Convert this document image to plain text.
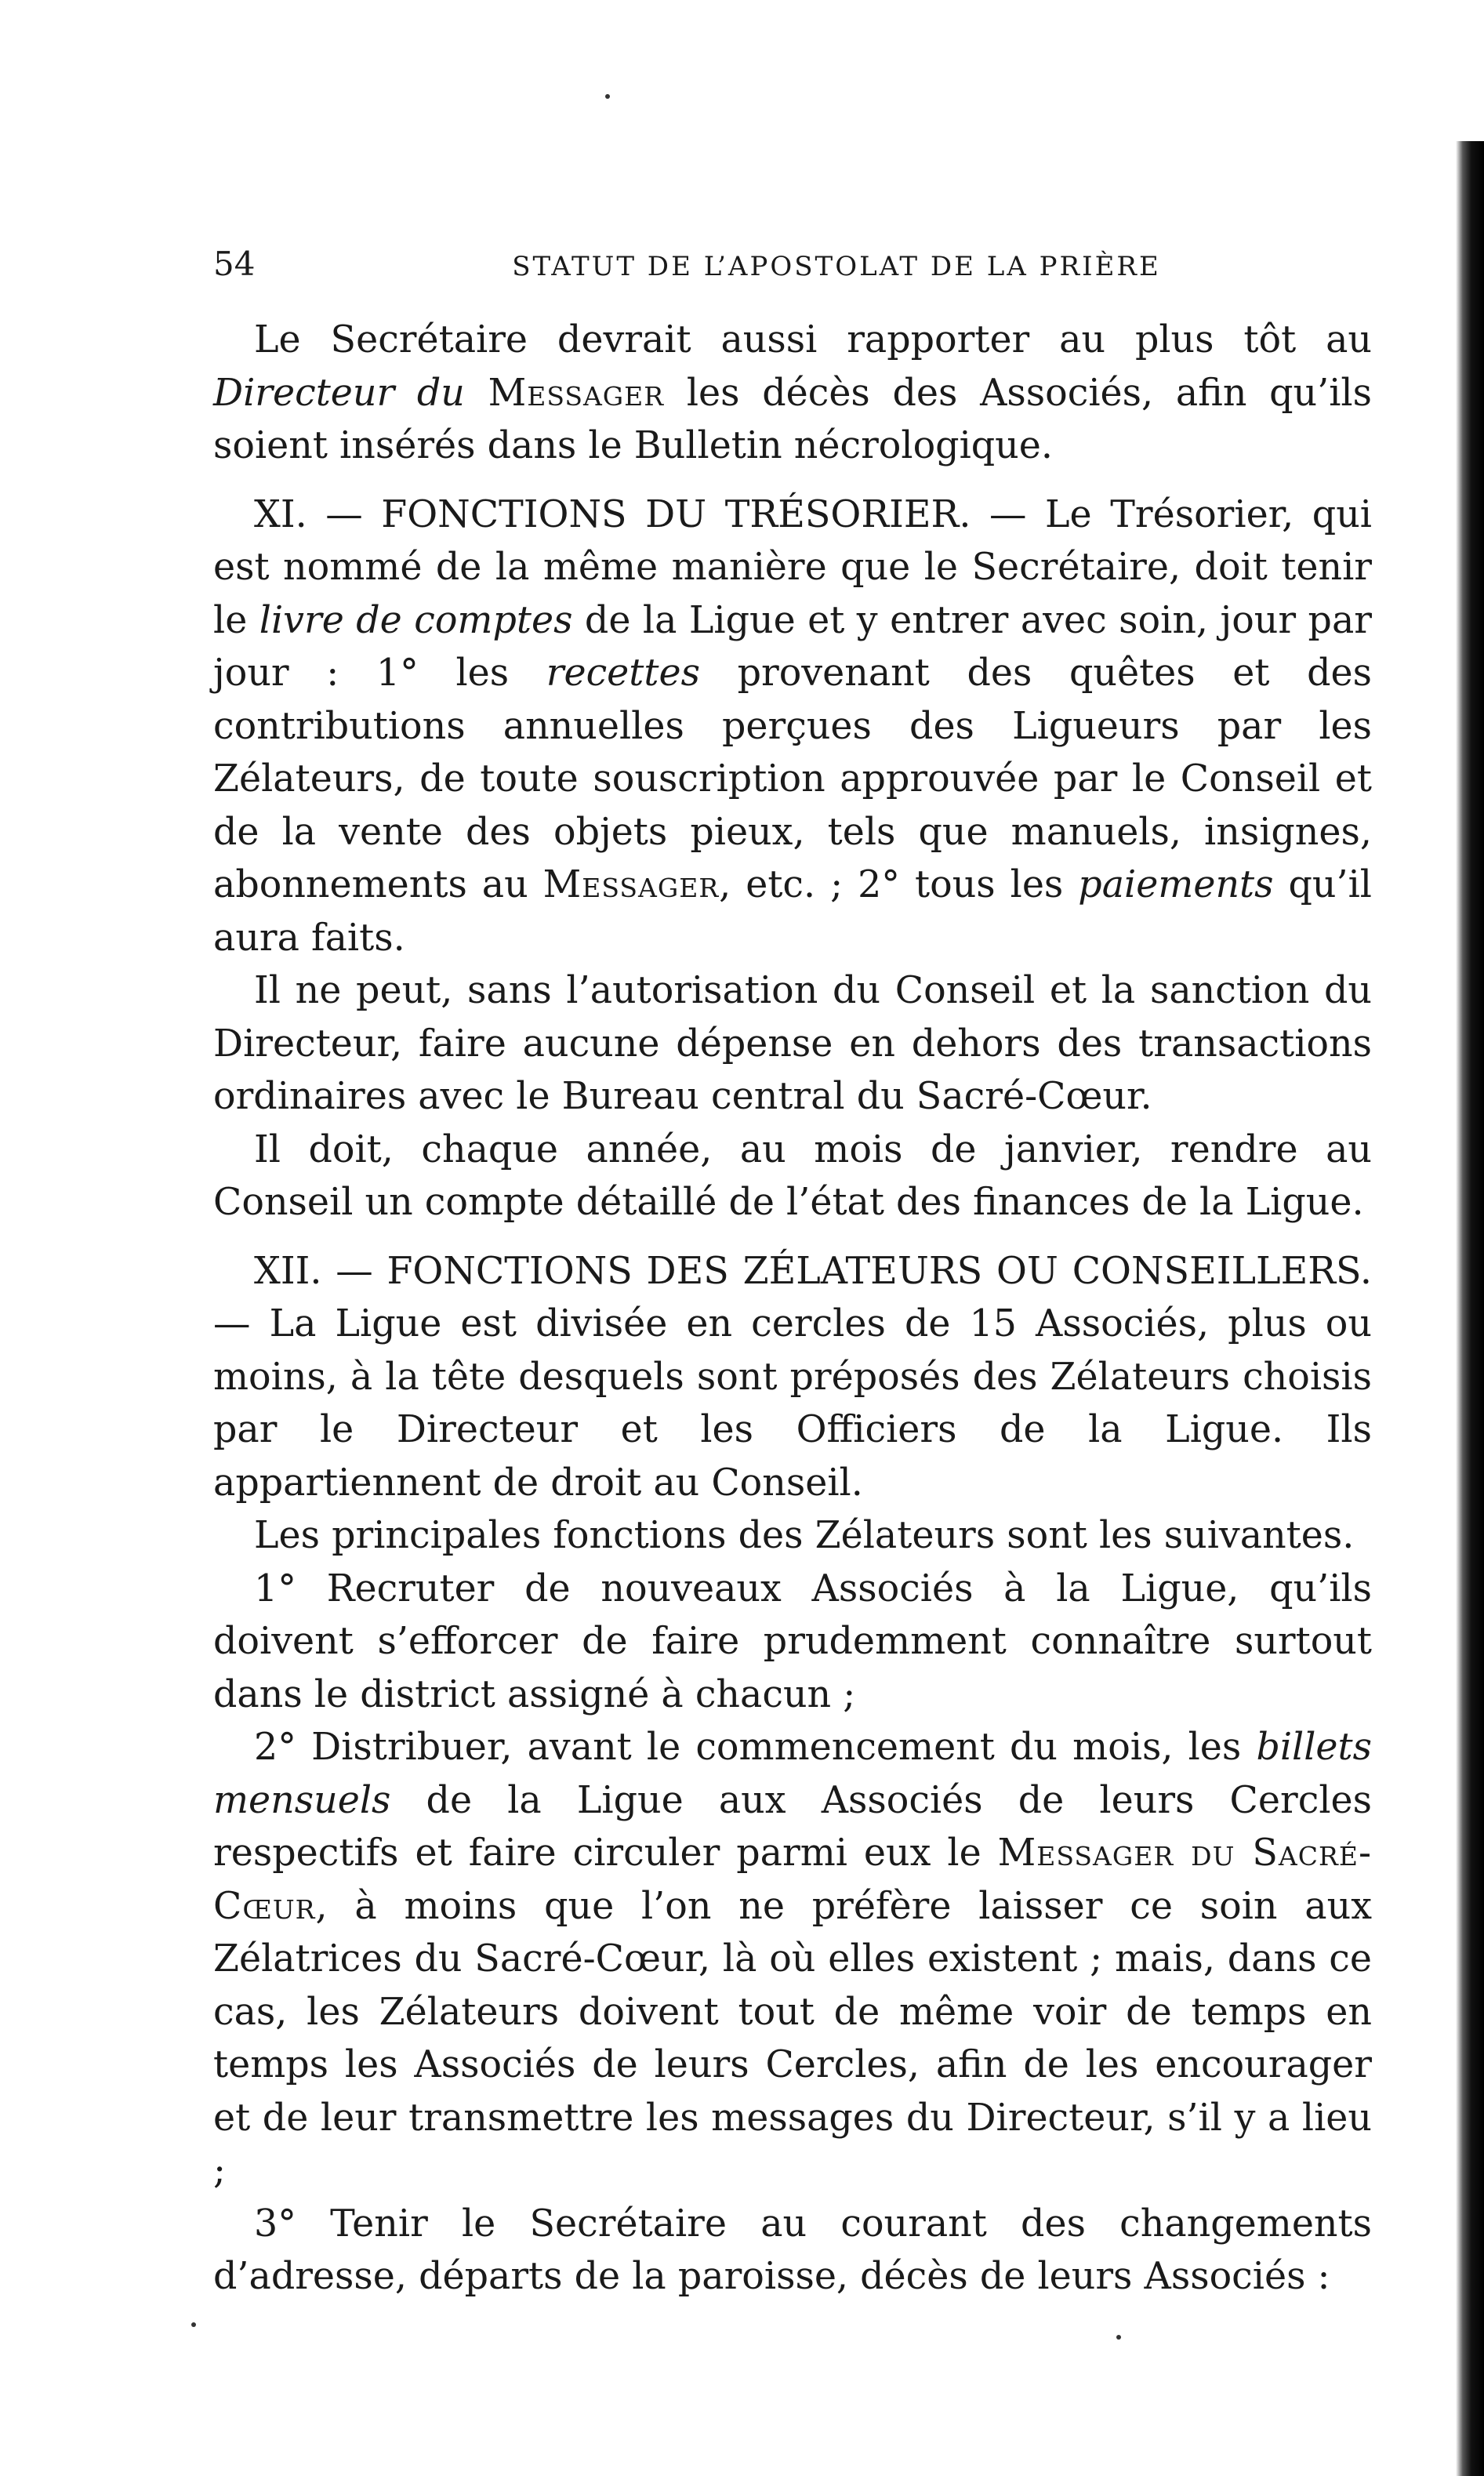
54	STATUT DE L’APOSTOLAT DE LA PRIÈRE

Le Secrétaire devrait aussi rapporter au plus tôt au Directeur du Messager les décès des Associés, afin qu’ils soient insérés dans le Bulletin nécrologique.

XI. — FONCTIONS DU TRÉSORIER. — Le Trésorier, qui est nommé de la même manière que le Secrétaire, doit tenir le livre de comptes de la Ligue et y entrer avec soin, jour par jour : 1° les recettes provenant des quêtes et des contributions annuelles perçues des Ligueurs par les Zélateurs, de toute souscription approuvée par le Conseil et de la vente des objets pieux, tels que manuels, insignes, abonnements au Messager, etc. ; 2° tous les paiements qu’il aura faits.

Il ne peut, sans l’autorisation du Conseil et la sanction du Directeur, faire aucune dépense en dehors des transactions ordinaires avec le Bureau central du Sacré-Cœur.

Il doit, chaque année, au mois de janvier, rendre au Conseil un compte détaillé de l’état des finances de la Ligue.

XII. — FONCTIONS DES ZÉLATEURS OU CONSEILLERS. — La Ligue est divisée en cercles de 15 Associés, plus ou moins, à la tête desquels sont préposés des Zélateurs choisis par le Directeur et les Officiers de la Ligue. Ils appartiennent de droit au Conseil.

Les principales fonctions des Zélateurs sont les suivantes.

1° Recruter de nouveaux Associés à la Ligue, qu’ils doivent s’efforcer de faire prudemment connaître surtout dans le district assigné à chacun ;

2° Distribuer, avant le commencement du mois, les billets mensuels de la Ligue aux Associés de leurs Cercles respectifs et faire circuler parmi eux le Messager du Sacré-Cœur, à moins que l’on ne préfère laisser ce soin aux Zélatrices du Sacré-Cœur, là où elles existent ; mais, dans ce cas, les Zélateurs doivent tout de même voir de temps en temps les Associés de leurs Cercles, afin de les encourager et de leur transmettre les messages du Directeur, s’il y a lieu ;

3° Tenir le Secrétaire au courant des changements d’adresse, départs de la paroisse, décès de leurs Associés :
